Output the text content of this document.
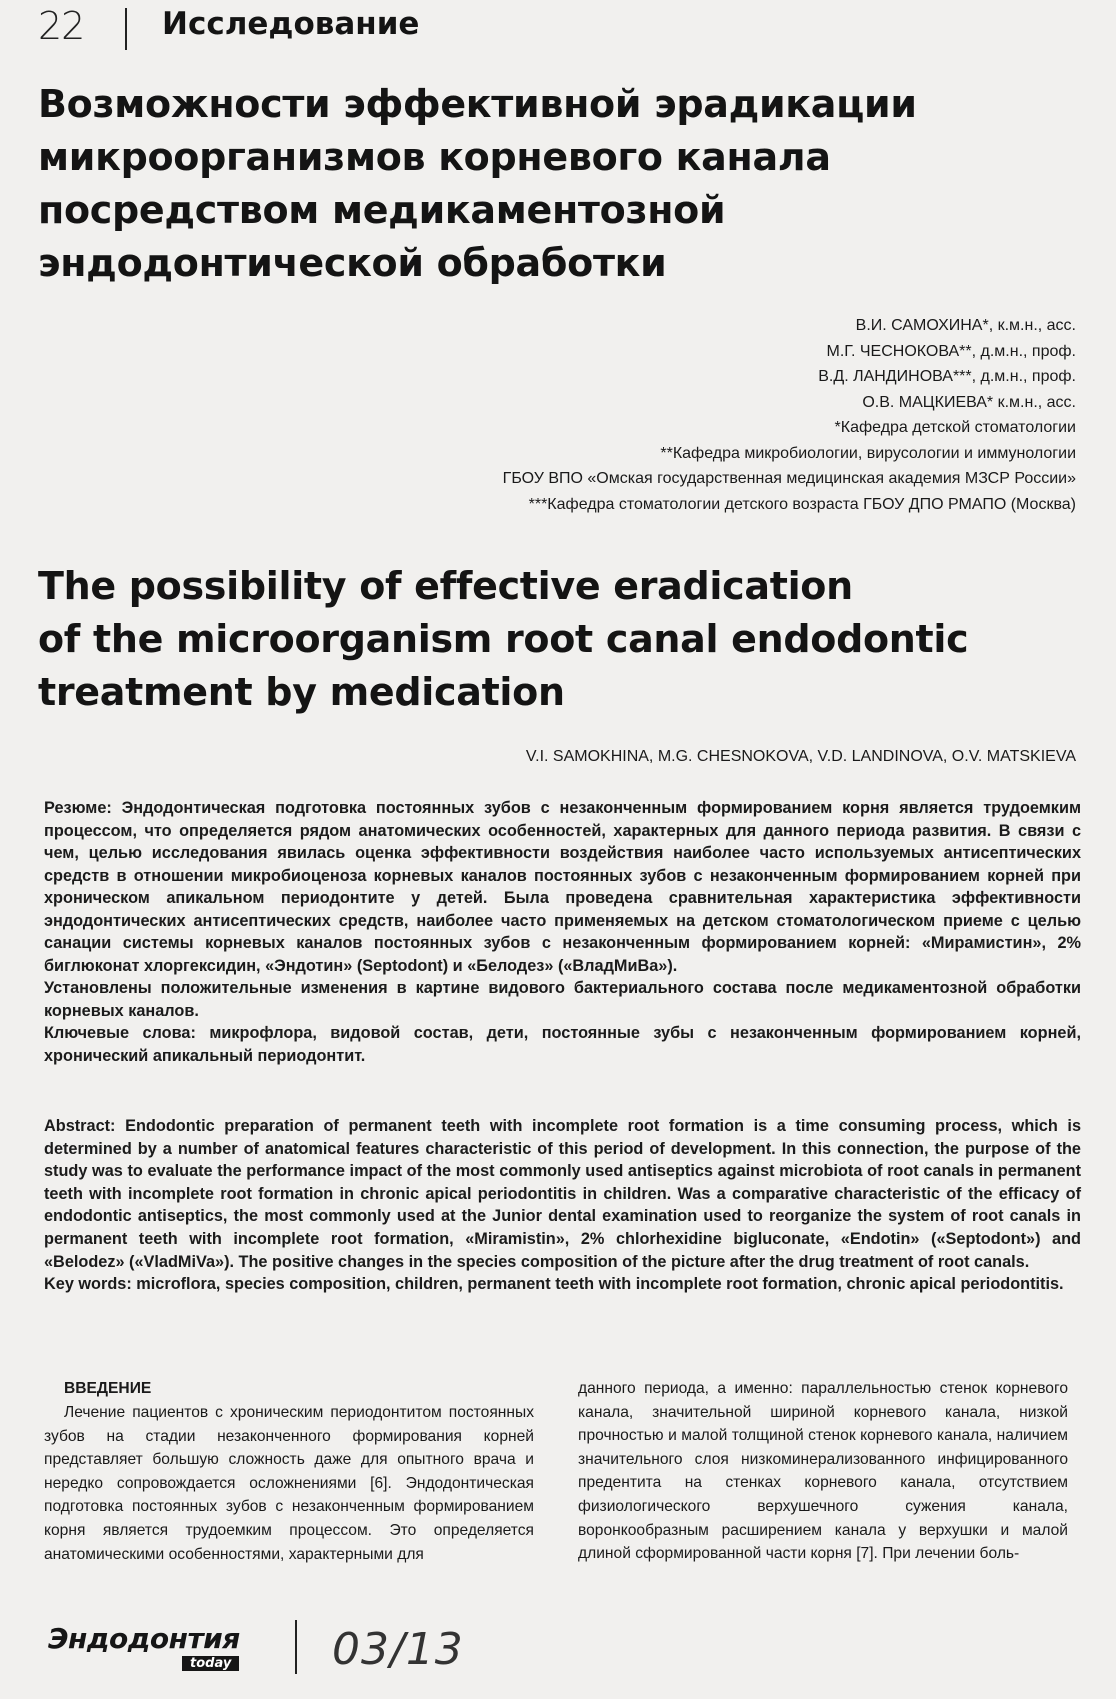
22	Исследование
Возможности эффективной эрадикации
микроорганизмов корневого канала
посредством медикаментозной
эндодонтической обработки
В.И. САМОХИНА*, к.м.н., асс.
М.Г. ЧЕСНОКОВА**, д.м.н., проф.
В.Д. ЛАНДИНОВА***, д.м.н., проф.
О.В. МАЦКИЕВА* к.м.н., асс.
*Кафедра детской стоматологии
**Кафедра микробиологии, вирусологии и иммунологии
ГБОУ ВПО «Омская государственная медицинская академия МЗСР России»
***Кафедра стоматологии детского возраста ГБОУ ДПО РМАПО (Москва)
The possibility of effective eradication
of the microorganism root canal endodontic
treatment by medication
V.I. SAMOKHINA, M.G. CHESNOKOVA, V.D. LANDINOVA, O.V. MATSKIEVA

Резюме: Эндодонтическая подготовка постоянных зубов с незаконченным формированием корня является трудоемким процессом, что определяется рядом анатомических особенностей, характерных для данного периода развития. В связи с чем, целью исследования явилась оценка эффективности воздействия наиболее часто используемых антисептических средств в отношении микробиоценоза корневых каналов постоянных зубов с незаконченным формированием корней при хроническом апикальном периодонтите у детей. Была проведена сравнительная характеристика эффективности эндодонтических антисептических средств, наиболее часто применяемых на детском стоматологическом приеме с целью санации системы корневых каналов постоянных зубов с незаконченным формированием корней: «Мирамистин», 2% биглюконат хлоргексидин, «Эндотин» (Septodont) и «Белодез» («ВладМиВа»).

Установлены положительные изменения в картине видового бактериального состава после медикаментозной обработки корневых каналов.

Ключевые слова: микрофлора, видовой состав, дети, постоянные зубы с незаконченным формированием корней, хронический апикальный периодонтит.

Abstract: Endodontic preparation of permanent teeth with incomplete root formation is a time consuming process, which is determined by a number of anatomical features characteristic of this period of development. In this connection, the purpose of the study was to evaluate the performance impact of the most commonly used antiseptics against microbiota of root canals in permanent teeth with incomplete root formation in chronic apical periodontitis in children. Was a comparative characteristic of the efficacy of endodontic antiseptics, the most commonly used at the Junior dental examination used to reorganize the system of root canals in permanent teeth with incomplete root formation, «Miramistin», 2% chlorhexidine bigluconate, «Endotin» («Septodont») and «Belodez» («VladMiVa»). The positive changes in the species composition of the picture after the drug treatment of root canals.

Key words: microflora, species composition, children, permanent teeth with incomplete root formation, chronic apical periodontitis.

ВВЕДЕНИЕ

Лечение пациентов с хроническим периодонтитом постоянных зубов на стадии незаконченного формирования корней представляет большую сложность даже для опытного врача и нередко сопровождается осложнениями [6]. Эндодонтическая подготовка постоянных зубов с незаконченным формированием корня является трудоемким процессом. Это определяется анатомическими особенностями, характерными для

данного периода, а именно: параллельностью стенок корневого канала, значительной шириной корневого канала, низкой прочностью и малой толщиной стенок корневого канала, наличием значительного слоя низкоминерализованного инфицированного предентита на стенках корневого канала, отсутствием физиологического верхушечного сужения канала, воронкообразным расширением канала у верхушки и малой длиной сформированной части корня [7]. При лечении боль-

Эндодонтия
today 03/13
